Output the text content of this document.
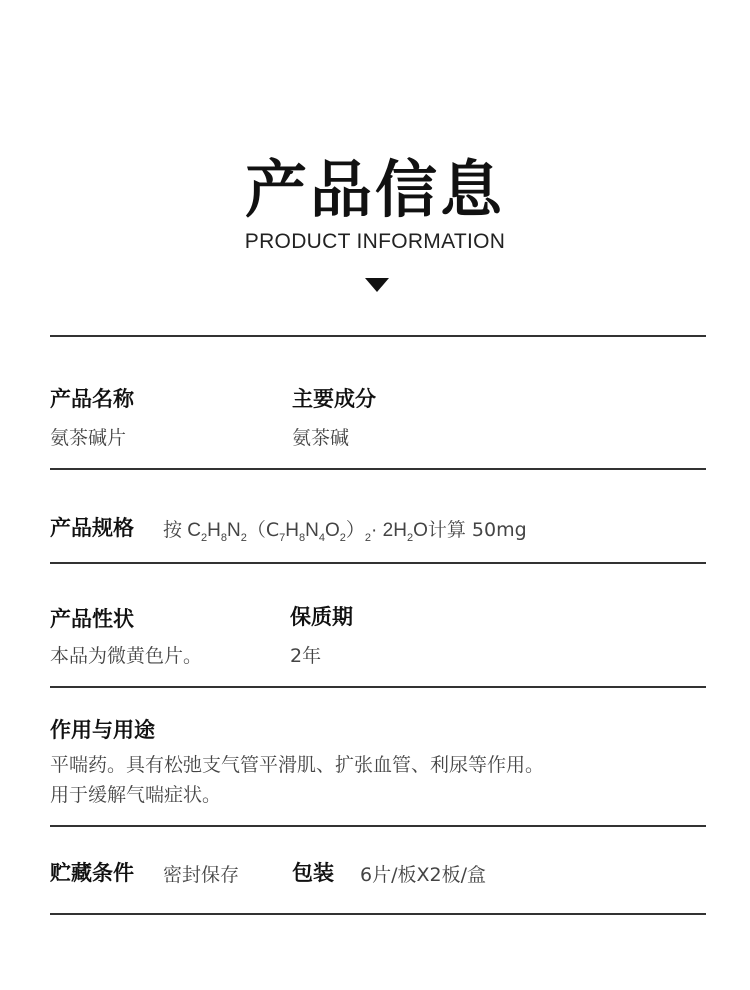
产品信息
PRODUCT INFORMATION
产品名称
氨茶碱片
主要成分
氨茶碱
产品规格 按 $C_2H_8N_2(C_7H_8N_4O_2)_2\cdot 2H_2O$计算 50mg
产品性状
本品为微黄色片。
保质期
2年
作用与用途
平喘药。具有松弛支气管平滑肌、扩张血管、利尿等作用。
用于缓解气喘症状。
贮藏条件 密封保存	包装 6片/板X2板/盒
